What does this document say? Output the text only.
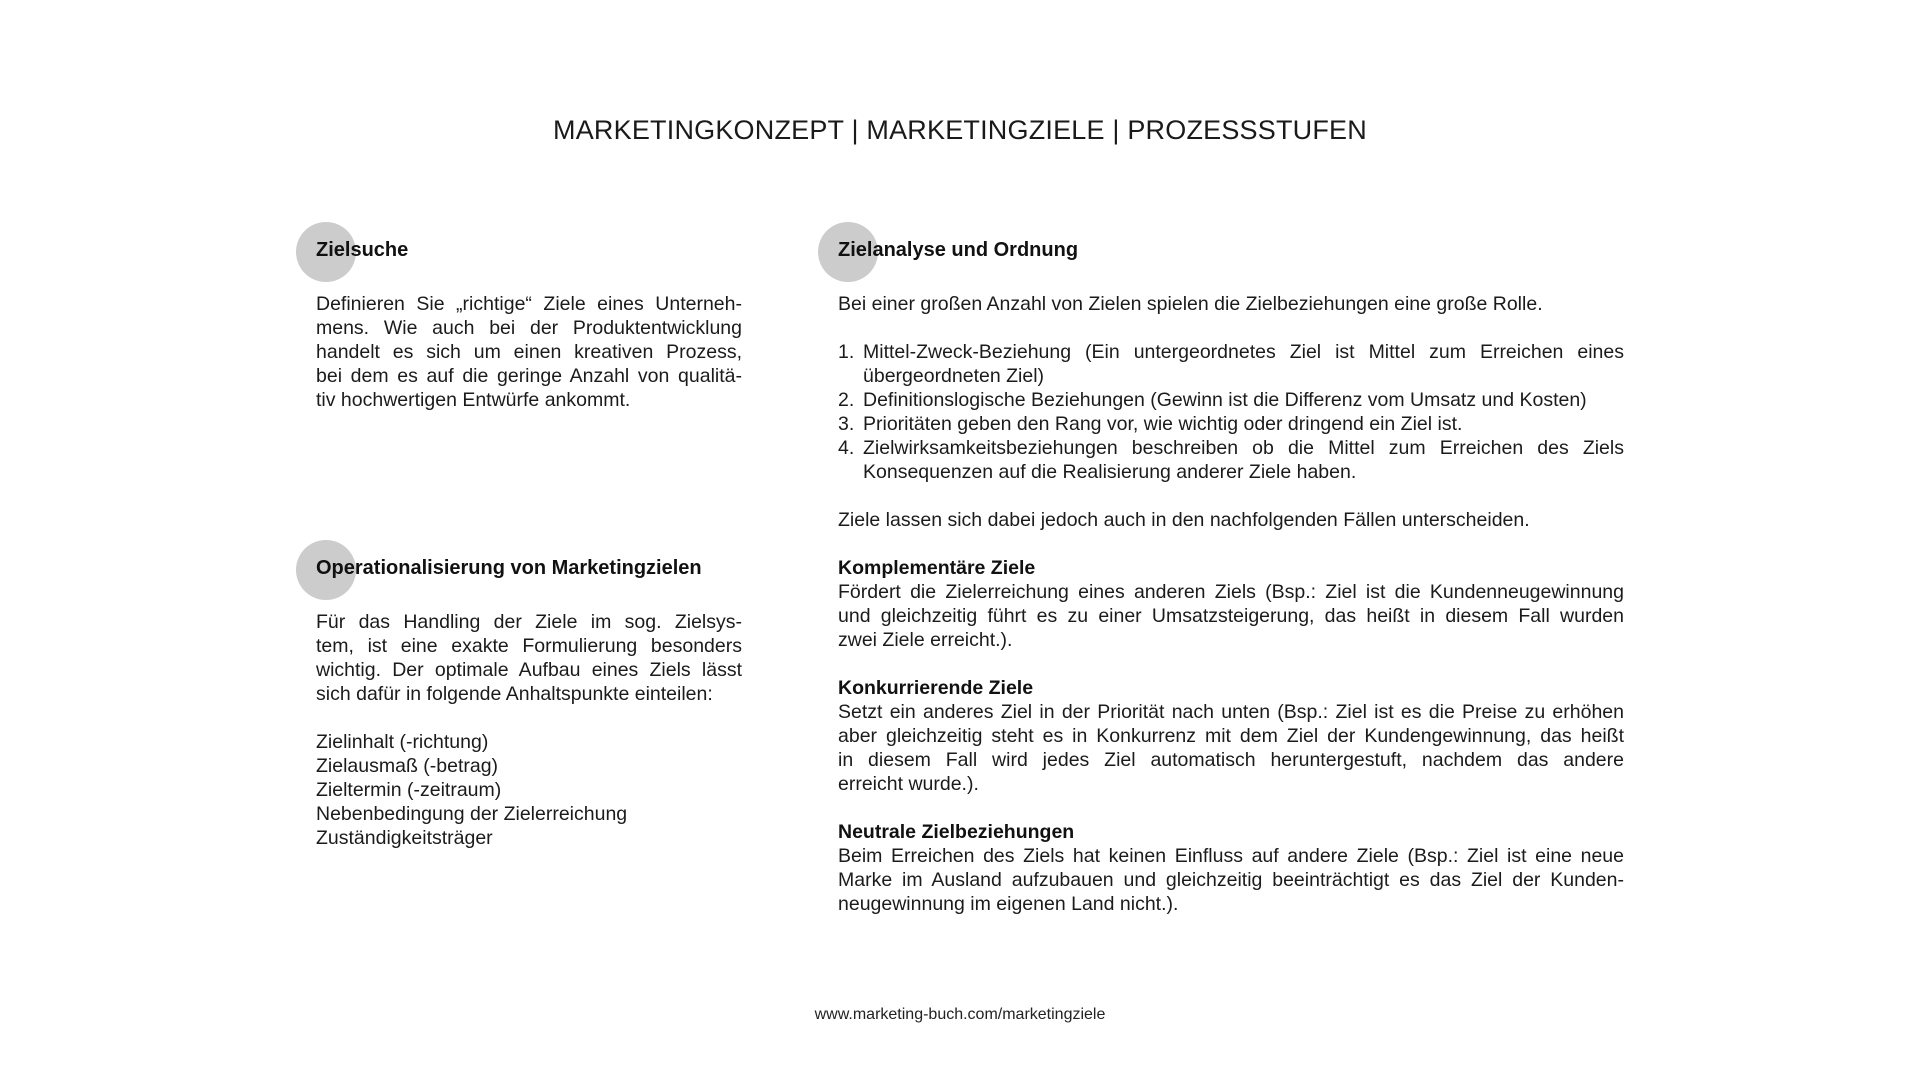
MARKETINGKONZEPT | MARKETINGZIELE | PROZESSSTUFEN
Zielsuche
Definieren Sie „richtige“ Ziele eines Unterneh-
mens. Wie auch bei der Produktentwicklung
handelt es sich um einen kreativen Prozess,
bei dem es auf die geringe Anzahl von qualitä-
tiv hochwertigen Entwürfe ankommt.
Operationalisierung von Marketingzielen
Für das Handling der Ziele im sog. Zielsys-
tem, ist eine exakte Formulierung besonders
wichtig. Der optimale Aufbau eines Ziels lässt
sich dafür in folgende Anhaltspunkte einteilen:
Zielinhalt (-richtung)
Zielausmaß (-betrag)
Zieltermin (-zeitraum)
Nebenbedingung der Zielerreichung
Zuständigkeitsträger
Zielanalyse und Ordnung
Bei einer großen Anzahl von Zielen spielen die Zielbeziehungen eine große Rolle.
1. Mittel-Zweck-Beziehung (Ein untergeordnetes Ziel ist Mittel zum Erreichen eines
übergeordneten Ziel)
2. Definitionslogische Beziehungen (Gewinn ist die Differenz vom Umsatz und Kosten)
3. Prioritäten geben den Rang vor, wie wichtig oder dringend ein Ziel ist.
4. Zielwirksamkeitsbeziehungen beschreiben ob die Mittel zum Erreichen des Ziels
Konsequenzen auf die Realisierung anderer Ziele haben.
Ziele lassen sich dabei jedoch auch in den nachfolgenden Fällen unterscheiden.
Komplementäre Ziele
Fördert die Zielerreichung eines anderen Ziels (Bsp.: Ziel ist die Kundenneugewinnung
und gleichzeitig führt es zu einer Umsatzsteigerung, das heißt in diesem Fall wurden
zwei Ziele erreicht.).
Konkurrierende Ziele
Setzt ein anderes Ziel in der Priorität nach unten (Bsp.: Ziel ist es die Preise zu erhöhen
aber gleichzeitig steht es in Konkurrenz mit dem Ziel der Kundengewinnung, das heißt
in diesem Fall wird jedes Ziel automatisch heruntergestuft, nachdem das andere
erreicht wurde.).
Neutrale Zielbeziehungen
Beim Erreichen des Ziels hat keinen Einfluss auf andere Ziele (Bsp.: Ziel ist eine neue
Marke im Ausland aufzubauen und gleichzeitig beeinträchtigt es das Ziel der Kunden-
neugewinnung im eigenen Land nicht.).
www.marketing-buch.com/marketingziele
